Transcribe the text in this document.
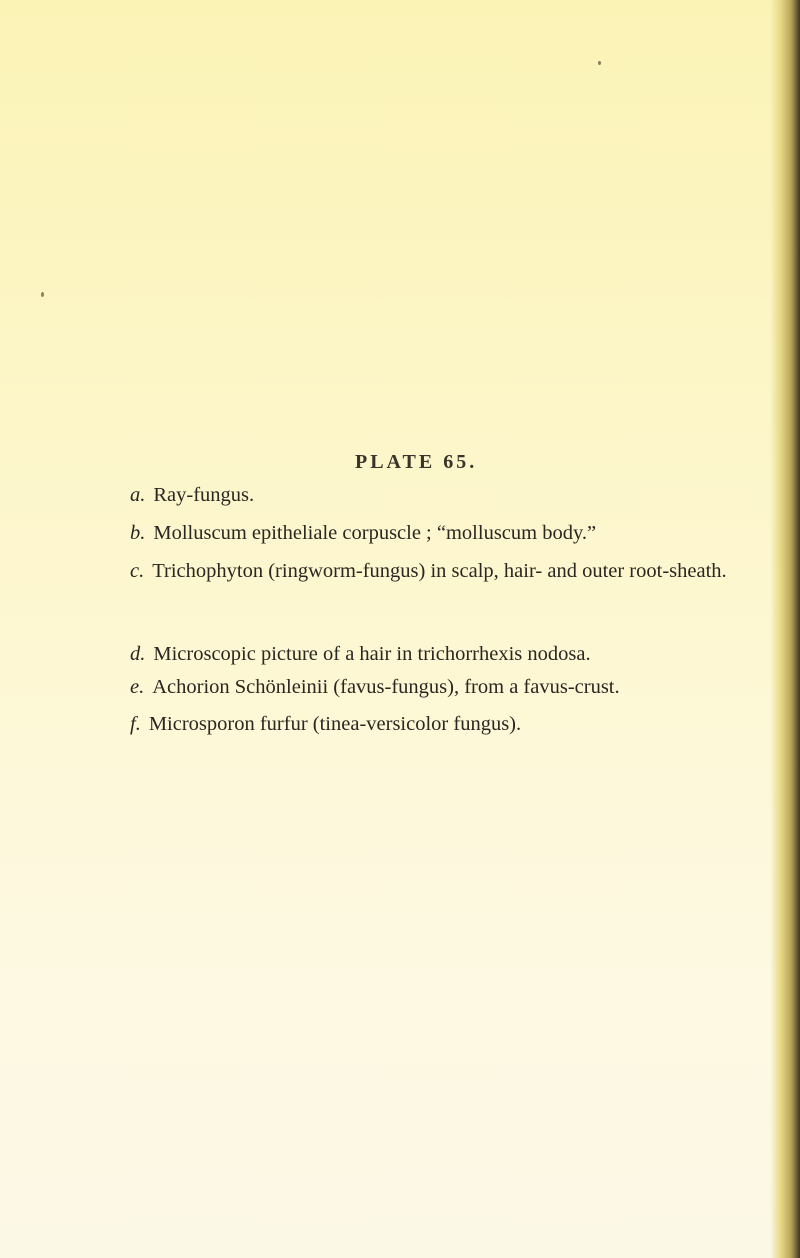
PLATE 65.
a. Ray-fungus.
b. Molluscum epitheliale corpuscle ; “molluscum body.”
c. Trichophyton (ringworm-fungus) in scalp, hair- and outer root-sheath.
d. Microscopic picture of a hair in trichorrhexis nodosa.
e. Achorion Schönleinii (favus-fungus), from a favus-crust.
f. Microsporon furfur (tinea-versicolor fungus).
